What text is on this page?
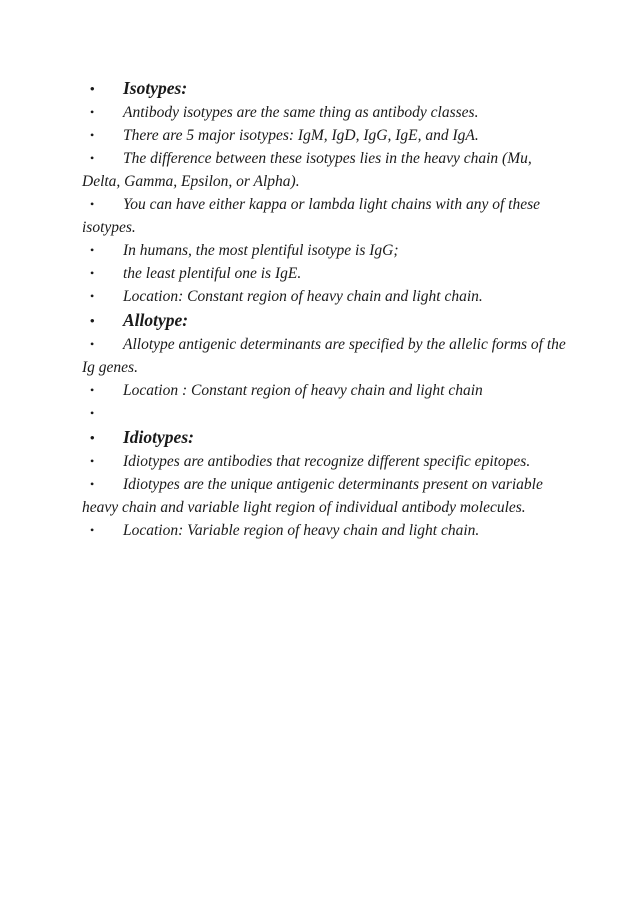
• Isotypes:

• Antibody isotypes are the same thing as antibody classes.

• There are 5 major isotypes: IgM, IgD, IgG, IgE, and IgA.

• The difference between these isotypes lies in the heavy chain (Mu, Delta, Gamma, Epsilon, or Alpha).

• You can have either kappa or lambda light chains with any of these isotypes.

• In humans, the most plentiful isotype is IgG;

• the least plentiful one is IgE.

• Location: Constant region of heavy chain and light chain.

• Allotype:

• Allotype antigenic determinants are specified by the allelic forms of the Ig genes.

• Location : Constant region of heavy chain and light chain

•

• Idiotypes:

• Idiotypes are antibodies that recognize different specific epitopes.

• Idiotypes are the unique antigenic determinants present on variable heavy chain and variable light region of individual antibody molecules.

• Location: Variable region of heavy chain and light chain.
